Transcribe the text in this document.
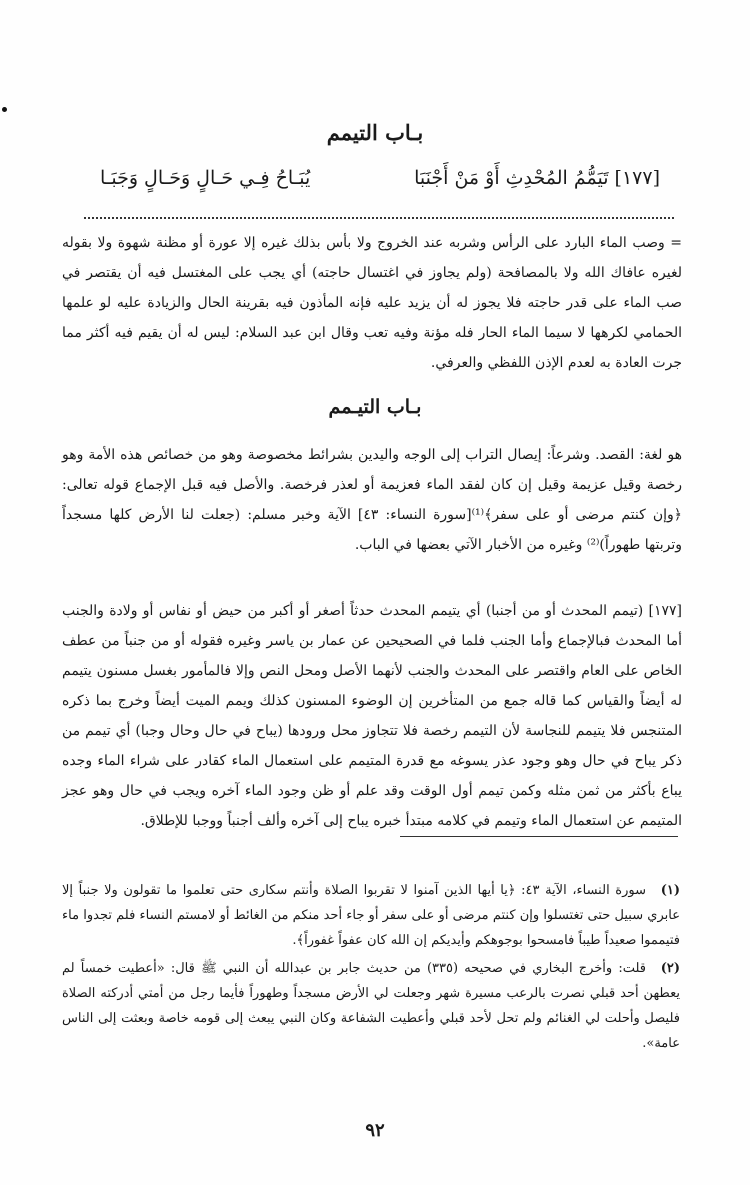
بـاب التيمم
[١٧٧] تَيَمُّمُ المُحْدِثِ أَوْ مَنْ أَجْنَبَا
يُبَـاحُ فِـي حَـالٍ وَحَـالٍ وَجَبَـا
= وصب الماء البارد على الرأس وشربه عند الخروج ولا بأس بذلك غيره إلا عورة أو مظنة شهوة ولا بقوله لغيره عافاك الله ولا بالمصافحة (ولم يجاوز في اغتسال حاجته) أي يجب على المغتسل فيه أن يقتصر في صب الماء على قدر حاجته فلا يجوز له أن يزيد عليه فإنه المأذون فيه بقرينة الحال والزيادة عليه لو علمها الحمامي لكرهها لا سيما الماء الحار فله مؤنة وفيه تعب وقال ابن عبد السلام: ليس له أن يقيم فيه أكثر مما جرت العادة به لعدم الإذن اللفظي والعرفي.
بـاب التيـمم
هو لغة: القصد. وشرعاً: إيصال التراب إلى الوجه واليدين بشرائط مخصوصة وهو من خصائص هذه الأمة وهو رخصة وقيل عزيمة وقيل إن كان لفقد الماء فعزيمة أو لعذر فرخصة. والأصل فيه قبل الإجماع قوله تعالى: ﴿وإن كنتم مرضى أو على سفر﴾⁽¹⁾[سورة النساء: ٤٣] الآية وخبر مسلم: (جعلت لنا الأرض كلها مسجداً وتربتها طهوراً)⁽²⁾ وغيره من الأخبار الآتي بعضها في الباب.
[١٧٧] (تيمم المحدث أو من أجنبا) أي يتيمم المحدث حدثاً أصغر أو أكبر من حيض أو نفاس أو ولادة والجنب أما المحدث فبالإجماع وأما الجنب فلما في الصحيحين عن عمار بن ياسر وغيره فقوله أو من جنباً من عطف الخاص على العام واقتصر على المحدث والجنب لأنهما الأصل ومحل النص وإلا فالمأمور بغسل مسنون يتيمم له أيضاً والقياس كما قاله جمع من المتأخرين إن الوضوء المسنون كذلك ويمم الميت أيضاً وخرج بما ذكره المتنجس فلا يتيمم للنجاسة لأن التيمم رخصة فلا تتجاوز محل ورودها (يباح في حال وحال وجبا) أي تيمم من ذكر يباح في حال وهو وجود عذر يسوغه مع قدرة المتيمم على استعمال الماء كقادر على شراء الماء وجده يباع بأكثر من ثمن مثله وكمن تيمم أول الوقت وقد علم أو ظن وجود الماء آخره ويجب في حال وهو عجز المتيمم عن استعمال الماء وتيمم في كلامه مبتدأ خبره يباح إلى آخره وألف أجنباً ووجبا للإطلاق.
(١)سورة النساء، الآية ٤٣: ﴿يا أيها الذين آمنوا لا تقربوا الصلاة وأنتم سكارى حتى تعلموا ما تقولون ولا جنباً إلا عابري سبيل حتى تغتسلوا وإن كنتم مرضى أو على سفر أو جاء أحد منكم من الغائط أو لامستم النساء فلم تجدوا ماء فتيمموا صعيداً طيباً فامسحوا بوجوهكم وأيديكم إن الله كان عفواً غفوراً﴾.
(٢)قلت: وأخرج البخاري في صحيحه (٣٣٥) من حديث جابر بن عبدالله أن النبي ﷺ قال: «أعطيت خمساً لم يعطهن أحد قبلي نصرت بالرعب مسيرة شهر وجعلت لي الأرض مسجداً وطهوراً فأيما رجل من أمتي أدركته الصلاة فليصل وأحلت لي الغنائم ولم تحل لأحد قبلي وأعطيت الشفاعة وكان النبي يبعث إلى قومه خاصة وبعثت إلى الناس عامة».
٩٢
